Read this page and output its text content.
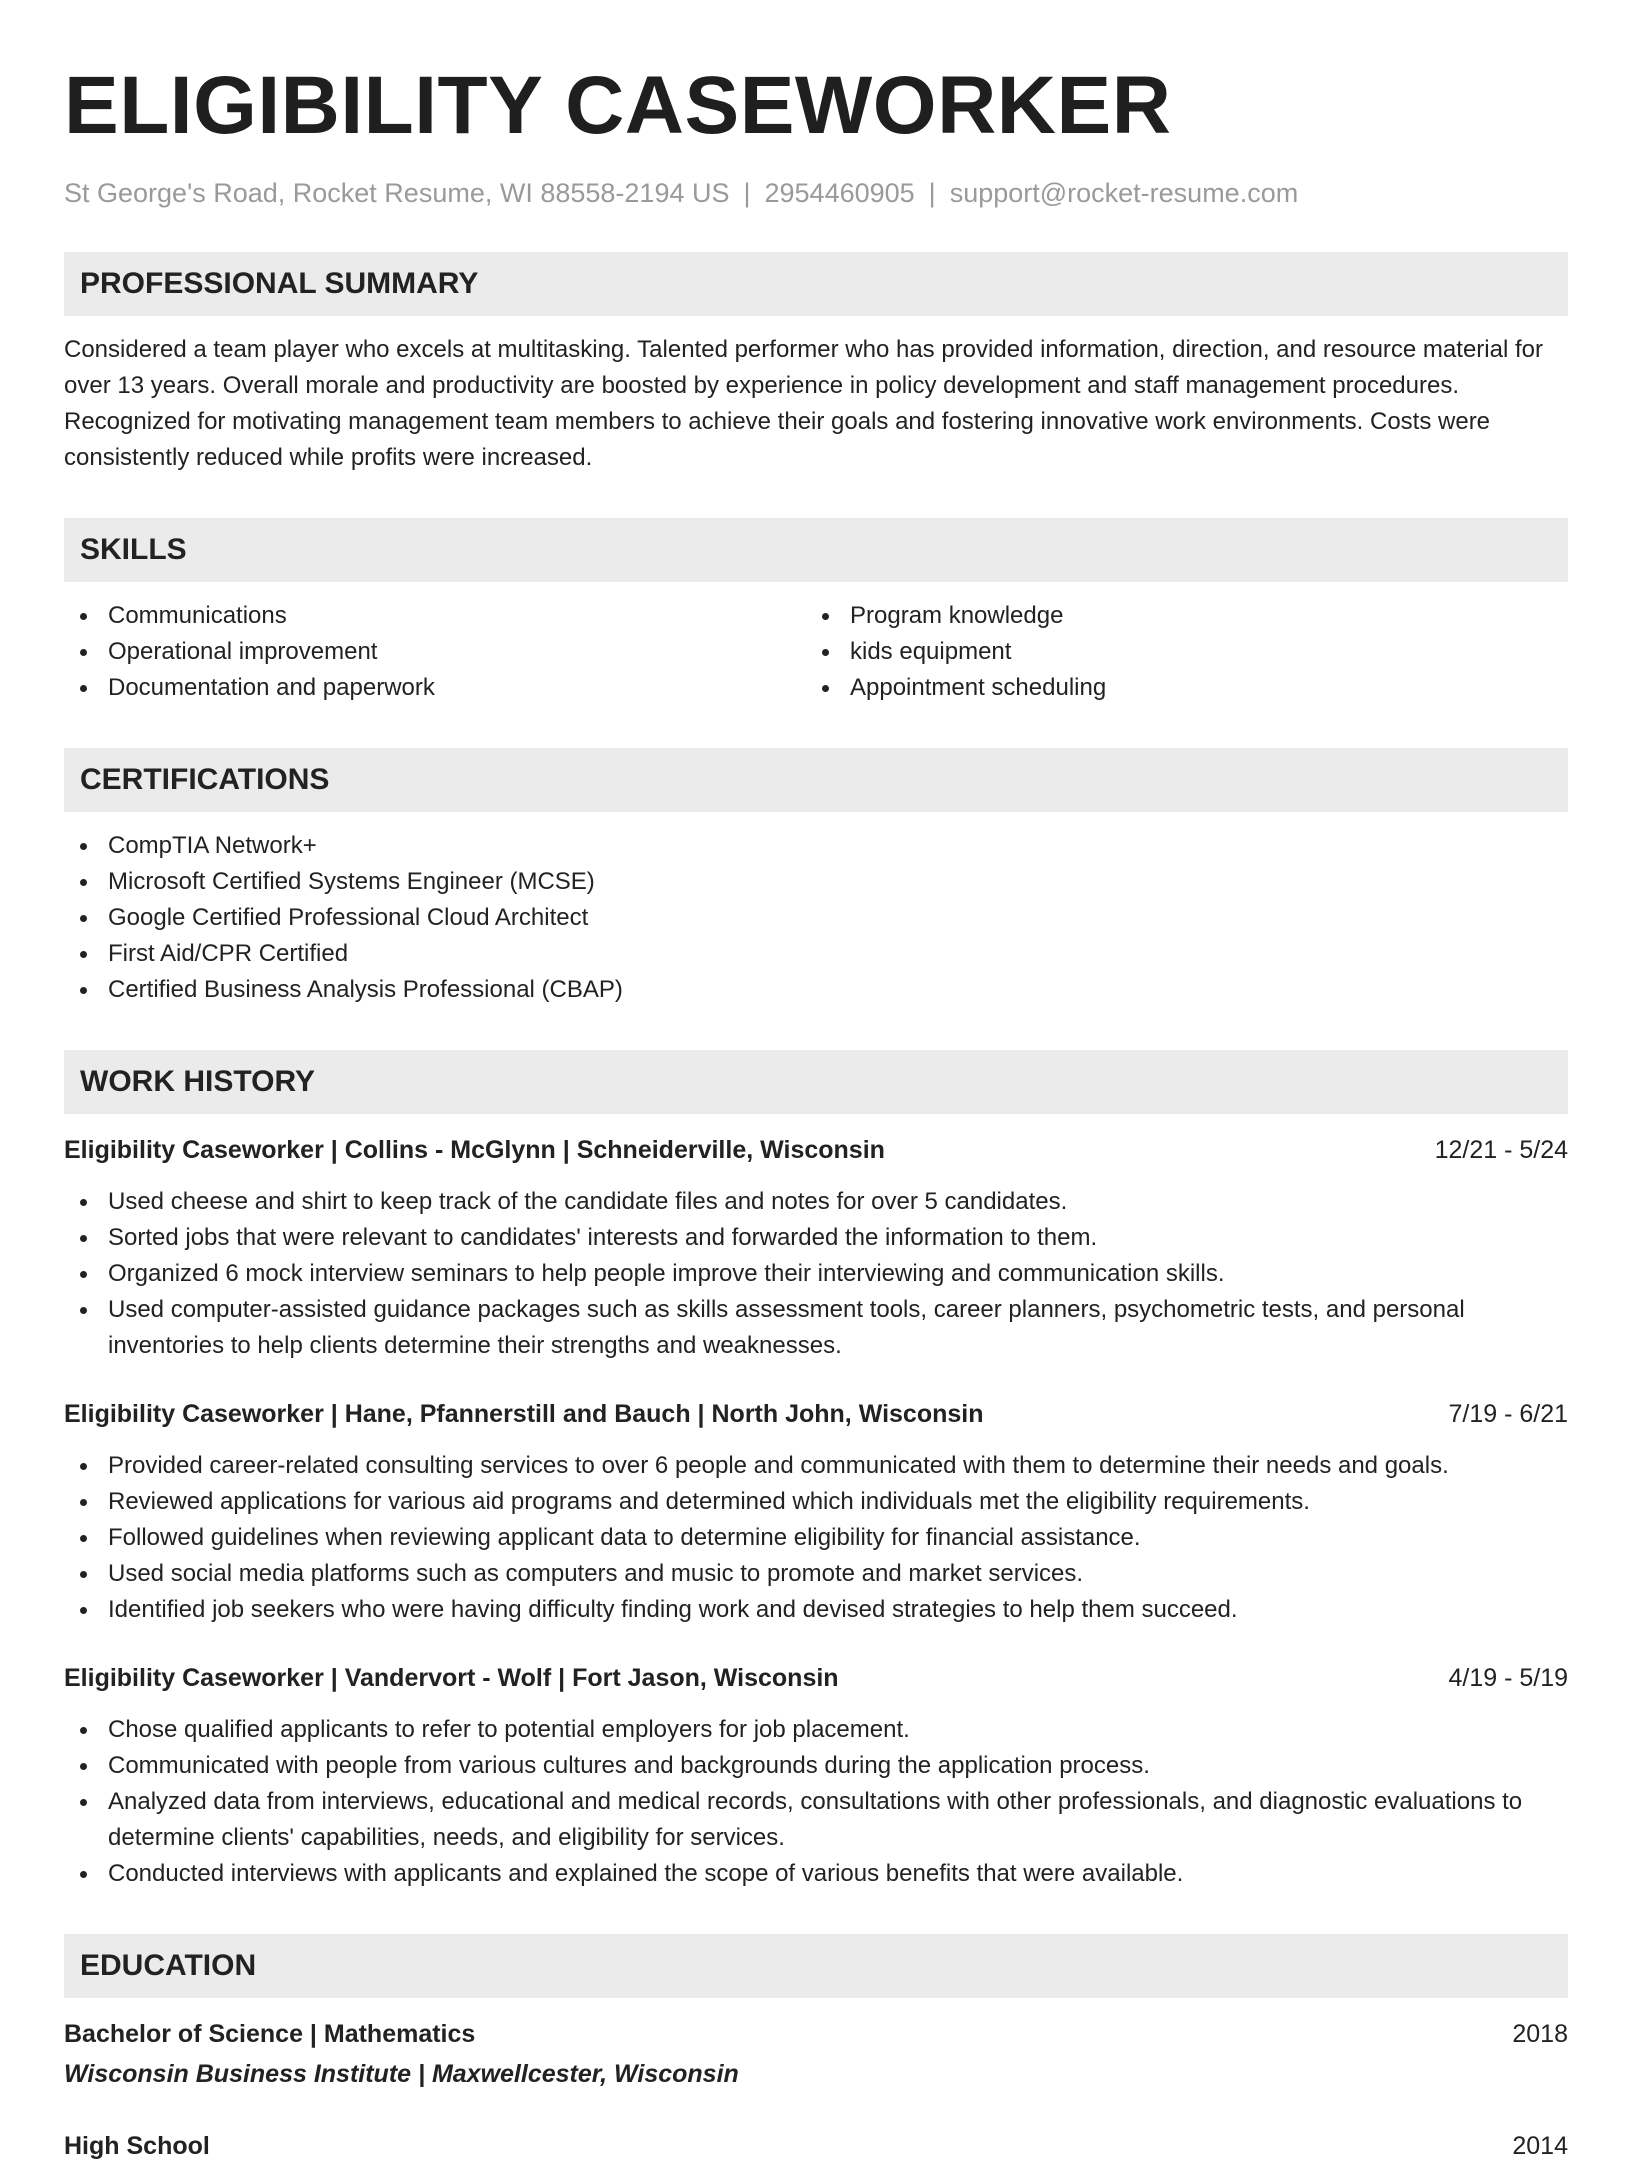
ELIGIBILITY CASEWORKER
St George's Road, Rocket Resume, WI 88558-2194 US | 2954460905 | support@rocket-resume.com
PROFESSIONAL SUMMARY

Considered a team player who excels at multitasking. Talented performer who has provided information, direction, and resource material for over 13 years. Overall morale and productivity are boosted by experience in policy development and staff management procedures. Recognized for motivating management team members to achieve their goals and fostering innovative work environments. Costs were consistently reduced while profits were increased.

SKILLS
Communications
Operational improvement
Documentation and paperwork
Program knowledge
kids equipment
Appointment scheduling
CERTIFICATIONS
CompTIA Network+
Microsoft Certified Systems Engineer (MCSE)
Google Certified Professional Cloud Architect
First Aid/CPR Certified
Certified Business Analysis Professional (CBAP)
WORK HISTORY
Eligibility Caseworker | Collins - McGlynn | Schneiderville, Wisconsin	12/21 - 5/24
Used cheese and shirt to keep track of the candidate files and notes for over 5 candidates.
Sorted jobs that were relevant to candidates' interests and forwarded the information to them.
Organized 6 mock interview seminars to help people improve their interviewing and communication skills.
Used computer-assisted guidance packages such as skills assessment tools, career planners, psychometric tests, and personal inventories to help clients determine their strengths and weaknesses.
Eligibility Caseworker | Hane, Pfannerstill and Bauch | North John, Wisconsin	7/19 - 6/21
Provided career-related consulting services to over 6 people and communicated with them to determine their needs and goals.
Reviewed applications for various aid programs and determined which individuals met the eligibility requirements.
Followed guidelines when reviewing applicant data to determine eligibility for financial assistance.
Used social media platforms such as computers and music to promote and market services.
Identified job seekers who were having difficulty finding work and devised strategies to help them succeed.
Eligibility Caseworker | Vandervort - Wolf | Fort Jason, Wisconsin	4/19 - 5/19
Chose qualified applicants to refer to potential employers for job placement.
Communicated with people from various cultures and backgrounds during the application process.
Analyzed data from interviews, educational and medical records, consultations with other professionals, and diagnostic evaluations to determine clients' capabilities, needs, and eligibility for services.
Conducted interviews with applicants and explained the scope of various benefits that were available.
EDUCATION
Bachelor of Science | Mathematics	2018
Wisconsin Business Institute | Maxwellcester, Wisconsin
High School	2014
